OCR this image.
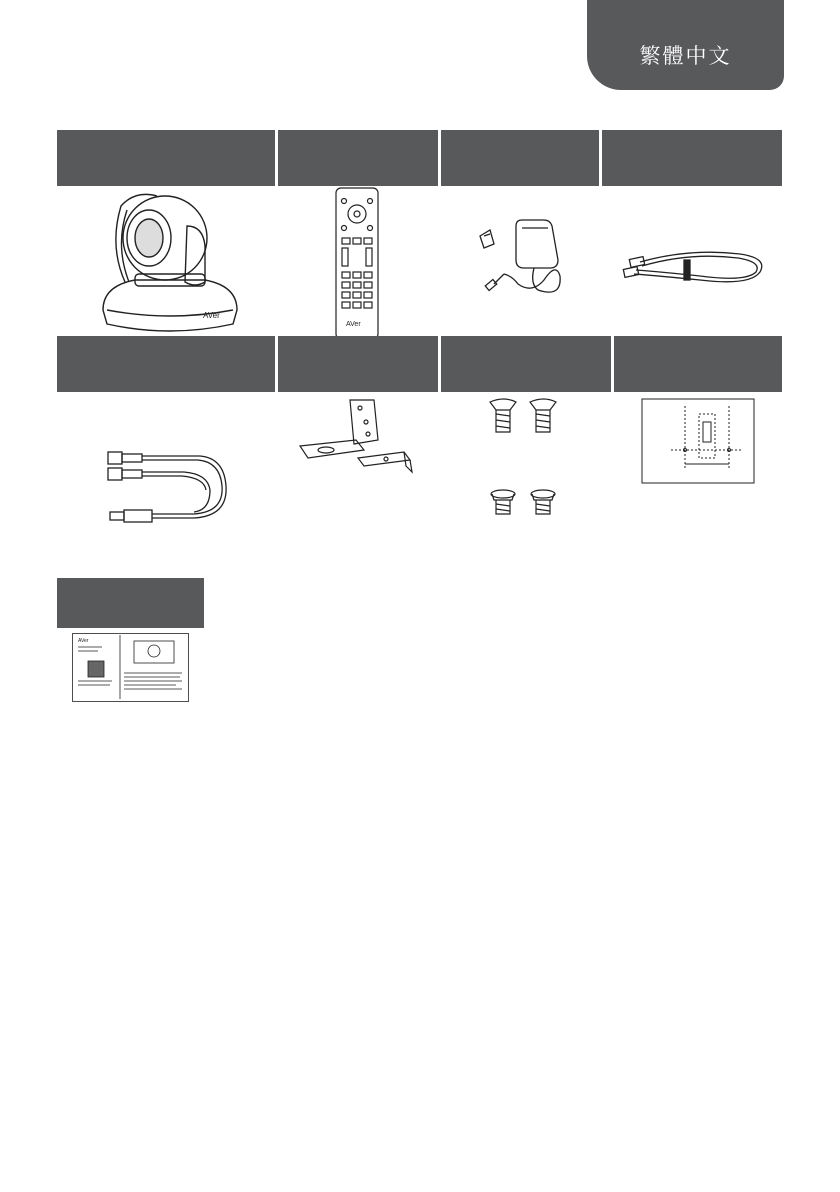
繁體中文
AVer
AVer
AVer
